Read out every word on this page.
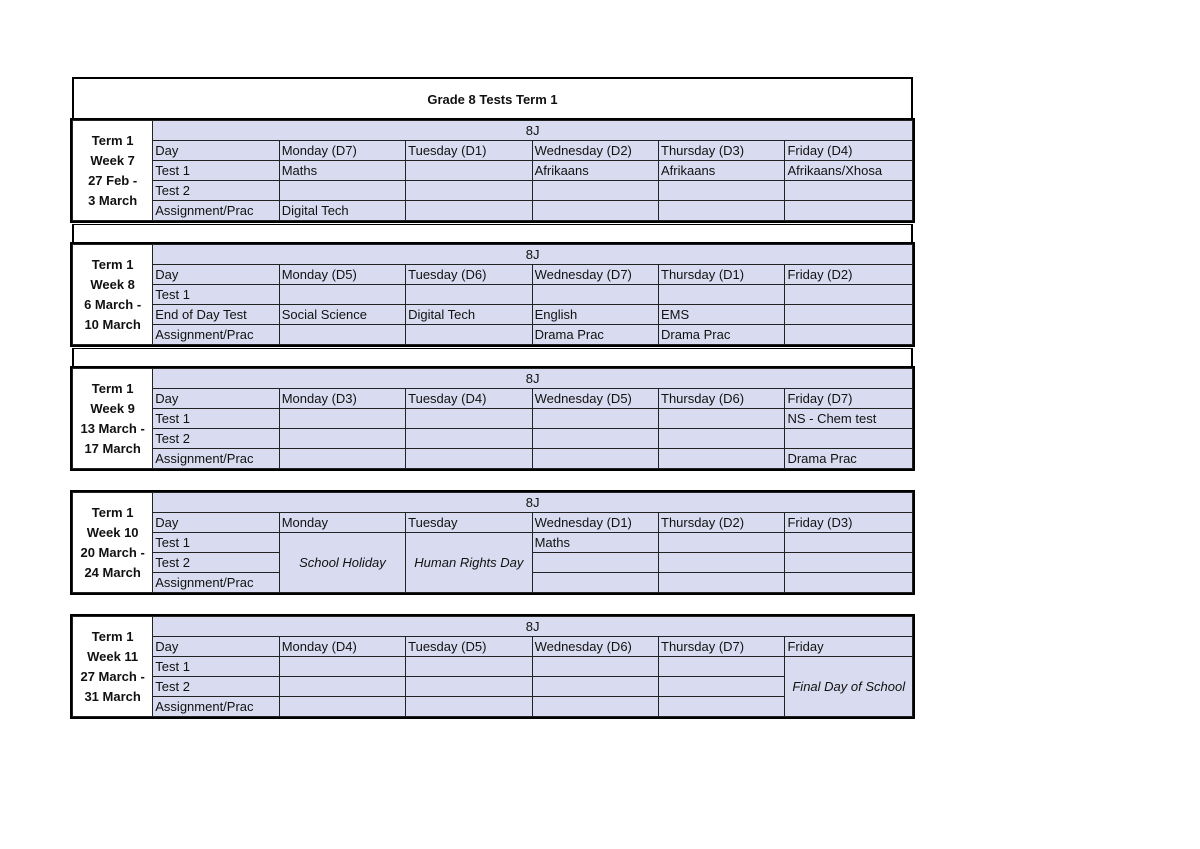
Grade 8 Tests Term 1
Term 1
Week 7
27 Feb -
3 March	8J					
	Day	Monday (D7)	Tuesday (D1)	Wednesday (D2)	Thursday (D3)	Friday (D4)
	Test 1	Maths		Afrikaans	Afrikaans	Afrikaans/Xhosa
	Test 2					
	Assignment/Prac	Digital Tech				
Term 1
Week 8
6 March -
10 March	8J					
	Day	Monday (D5)	Tuesday (D6)	Wednesday (D7)	Thursday (D1)	Friday (D2)
	Test 1					
	End of Day Test	Social Science	Digital Tech	English	EMS	
	Assignment/Prac			Drama Prac	Drama Prac	
Term 1
Week 9
13 March -
17 March	8J					
	Day	Monday (D3)	Tuesday (D4)	Wednesday (D5)	Thursday (D6)	Friday (D7)
	Test 1					NS - Chem test
	Test 2					
	Assignment/Prac					Drama Prac
Term 1
Week 10
20 March -
24 March	8J					
	Day	Monday	Tuesday	Wednesday (D1)	Thursday (D2)	Friday (D3)
	Test 1	School Holiday	Human Rights Day	Maths		
	Test 2					
	Assignment/Prac					
Term 1
Week 11
27 March -
31 March	8J					
	Day	Monday (D4)	Tuesday (D5)	Wednesday (D6)	Thursday (D7)	Friday
	Test 1					Final Day of School
	Test 2					
	Assignment/Prac					
